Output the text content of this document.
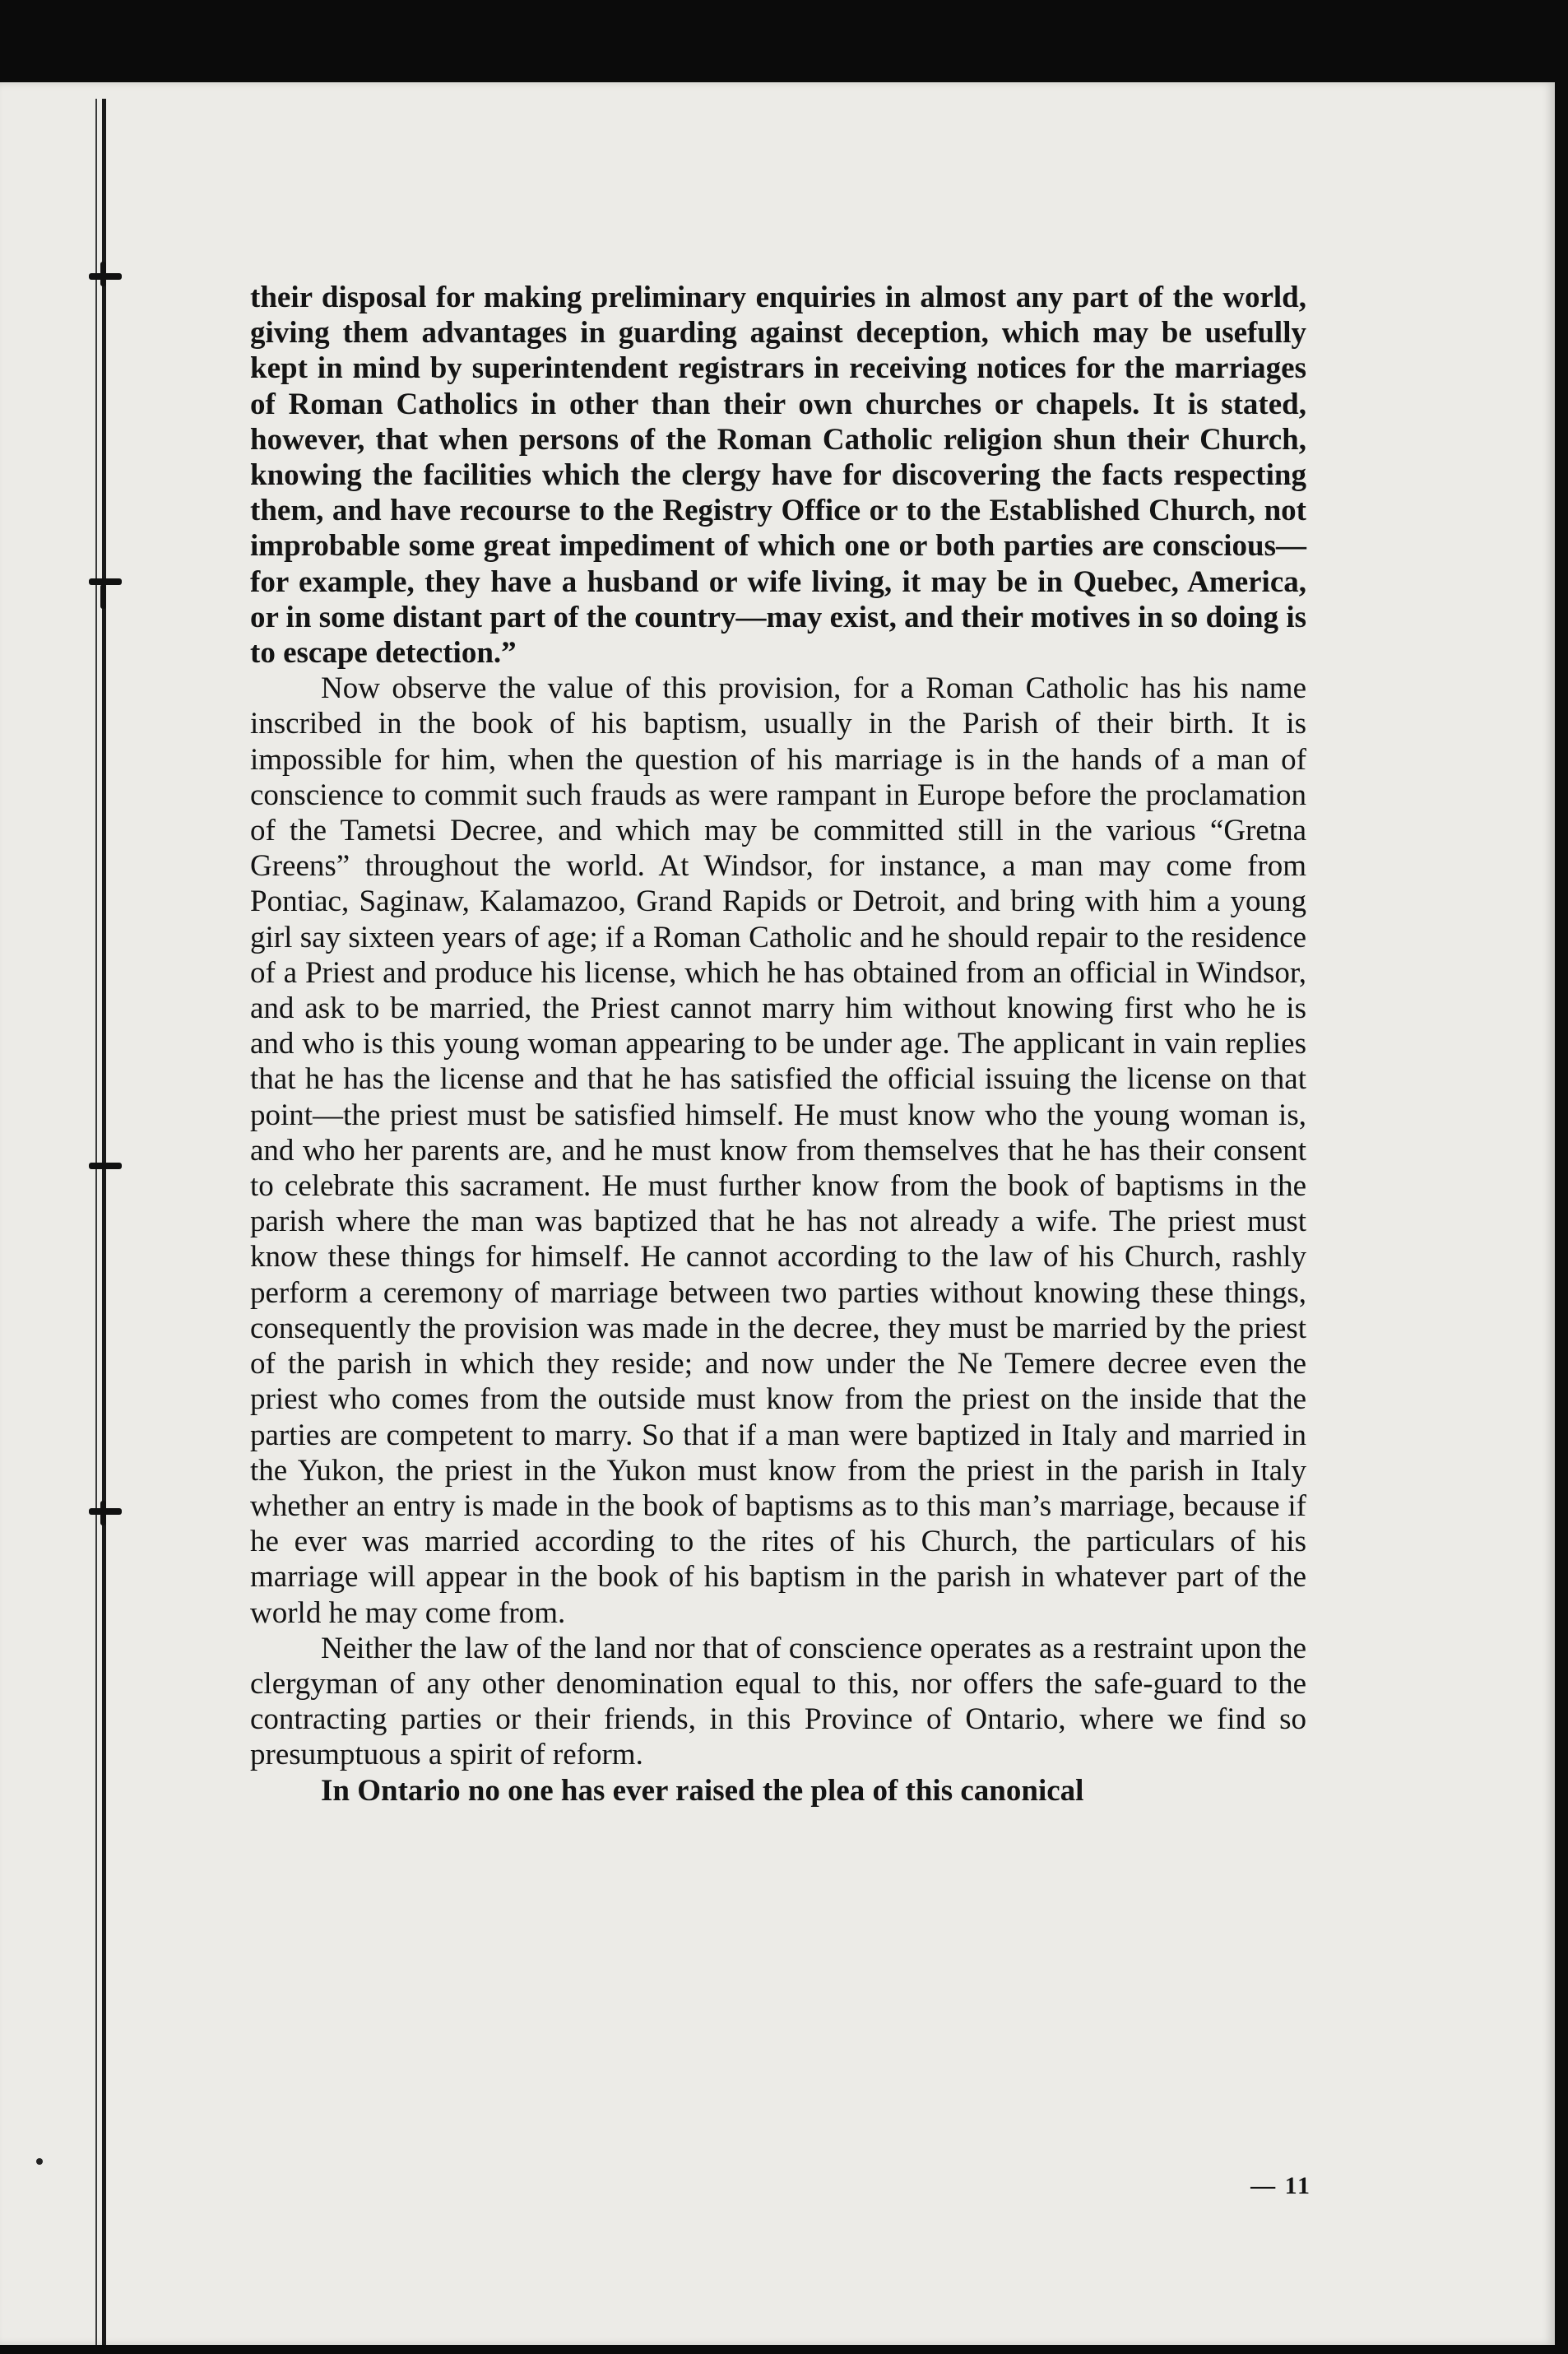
their disposal for making preliminary enquiries in almost any part of the world, giving them advantages in guarding against deception, which may be usefully kept in mind by superintendent registrars in receiving notices for the marriages of Roman Catholics in other than their own churches or chapels. It is stated, however, that when persons of the Roman Catholic religion shun their Church, knowing the facilities which the clergy have for discovering the facts respecting them, and have recourse to the Registry Office or to the Established Church, not improbable some great impediment of which one or both parties are conscious—for example, they have a husband or wife living, it may be in Quebec, America, or in some distant part of the country—may exist, and their motives in so doing is to escape detection.”

Now observe the value of this provision, for a Roman Catholic has his name inscribed in the book of his baptism, usually in the Parish of their birth. It is impossible for him, when the question of his marriage is in the hands of a man of conscience to commit such frauds as were rampant in Europe before the proclamation of the Tametsi Decree, and which may be committed still in the various “Gretna Greens” throughout the world. At Windsor, for instance, a man may come from Pontiac, Saginaw, Kalamazoo, Grand Rapids or Detroit, and bring with him a young girl say sixteen years of age; if a Roman Catholic and he should repair to the residence of a Priest and produce his license, which he has obtained from an official in Windsor, and ask to be married, the Priest cannot marry him without knowing first who he is and who is this young woman appearing to be under age. The applicant in vain replies that he has the license and that he has satisfied the official issuing the license on that point—the priest must be satisfied himself. He must know who the young woman is, and who her parents are, and he must know from themselves that he has their consent to celebrate this sacrament. He must further know from the book of baptisms in the parish where the man was baptized that he has not already a wife. The priest must know these things for himself. He cannot according to the law of his Church, rashly perform a ceremony of marriage between two parties without knowing these things, consequently the provision was made in the decree, they must be married by the priest of the parish in which they reside; and now under the Ne Temere decree even the priest who comes from the outside must know from the priest on the inside that the parties are competent to marry. So that if a man were baptized in Italy and married in the Yukon, the priest in the Yukon must know from the priest in the parish in Italy whether an entry is made in the book of baptisms as to this man’s marriage, because if he ever was married according to the rites of his Church, the particulars of his marriage will appear in the book of his baptism in the parish in whatever part of the world he may come from.

Neither the law of the land nor that of conscience operates as a restraint upon the clergyman of any other denomination equal to this, nor offers the safe-guard to the contracting parties or their friends, in this Province of Ontario, where we find so presumptuous a spirit of reform.

In Ontario no one has ever raised the plea of this canonical

— 11
